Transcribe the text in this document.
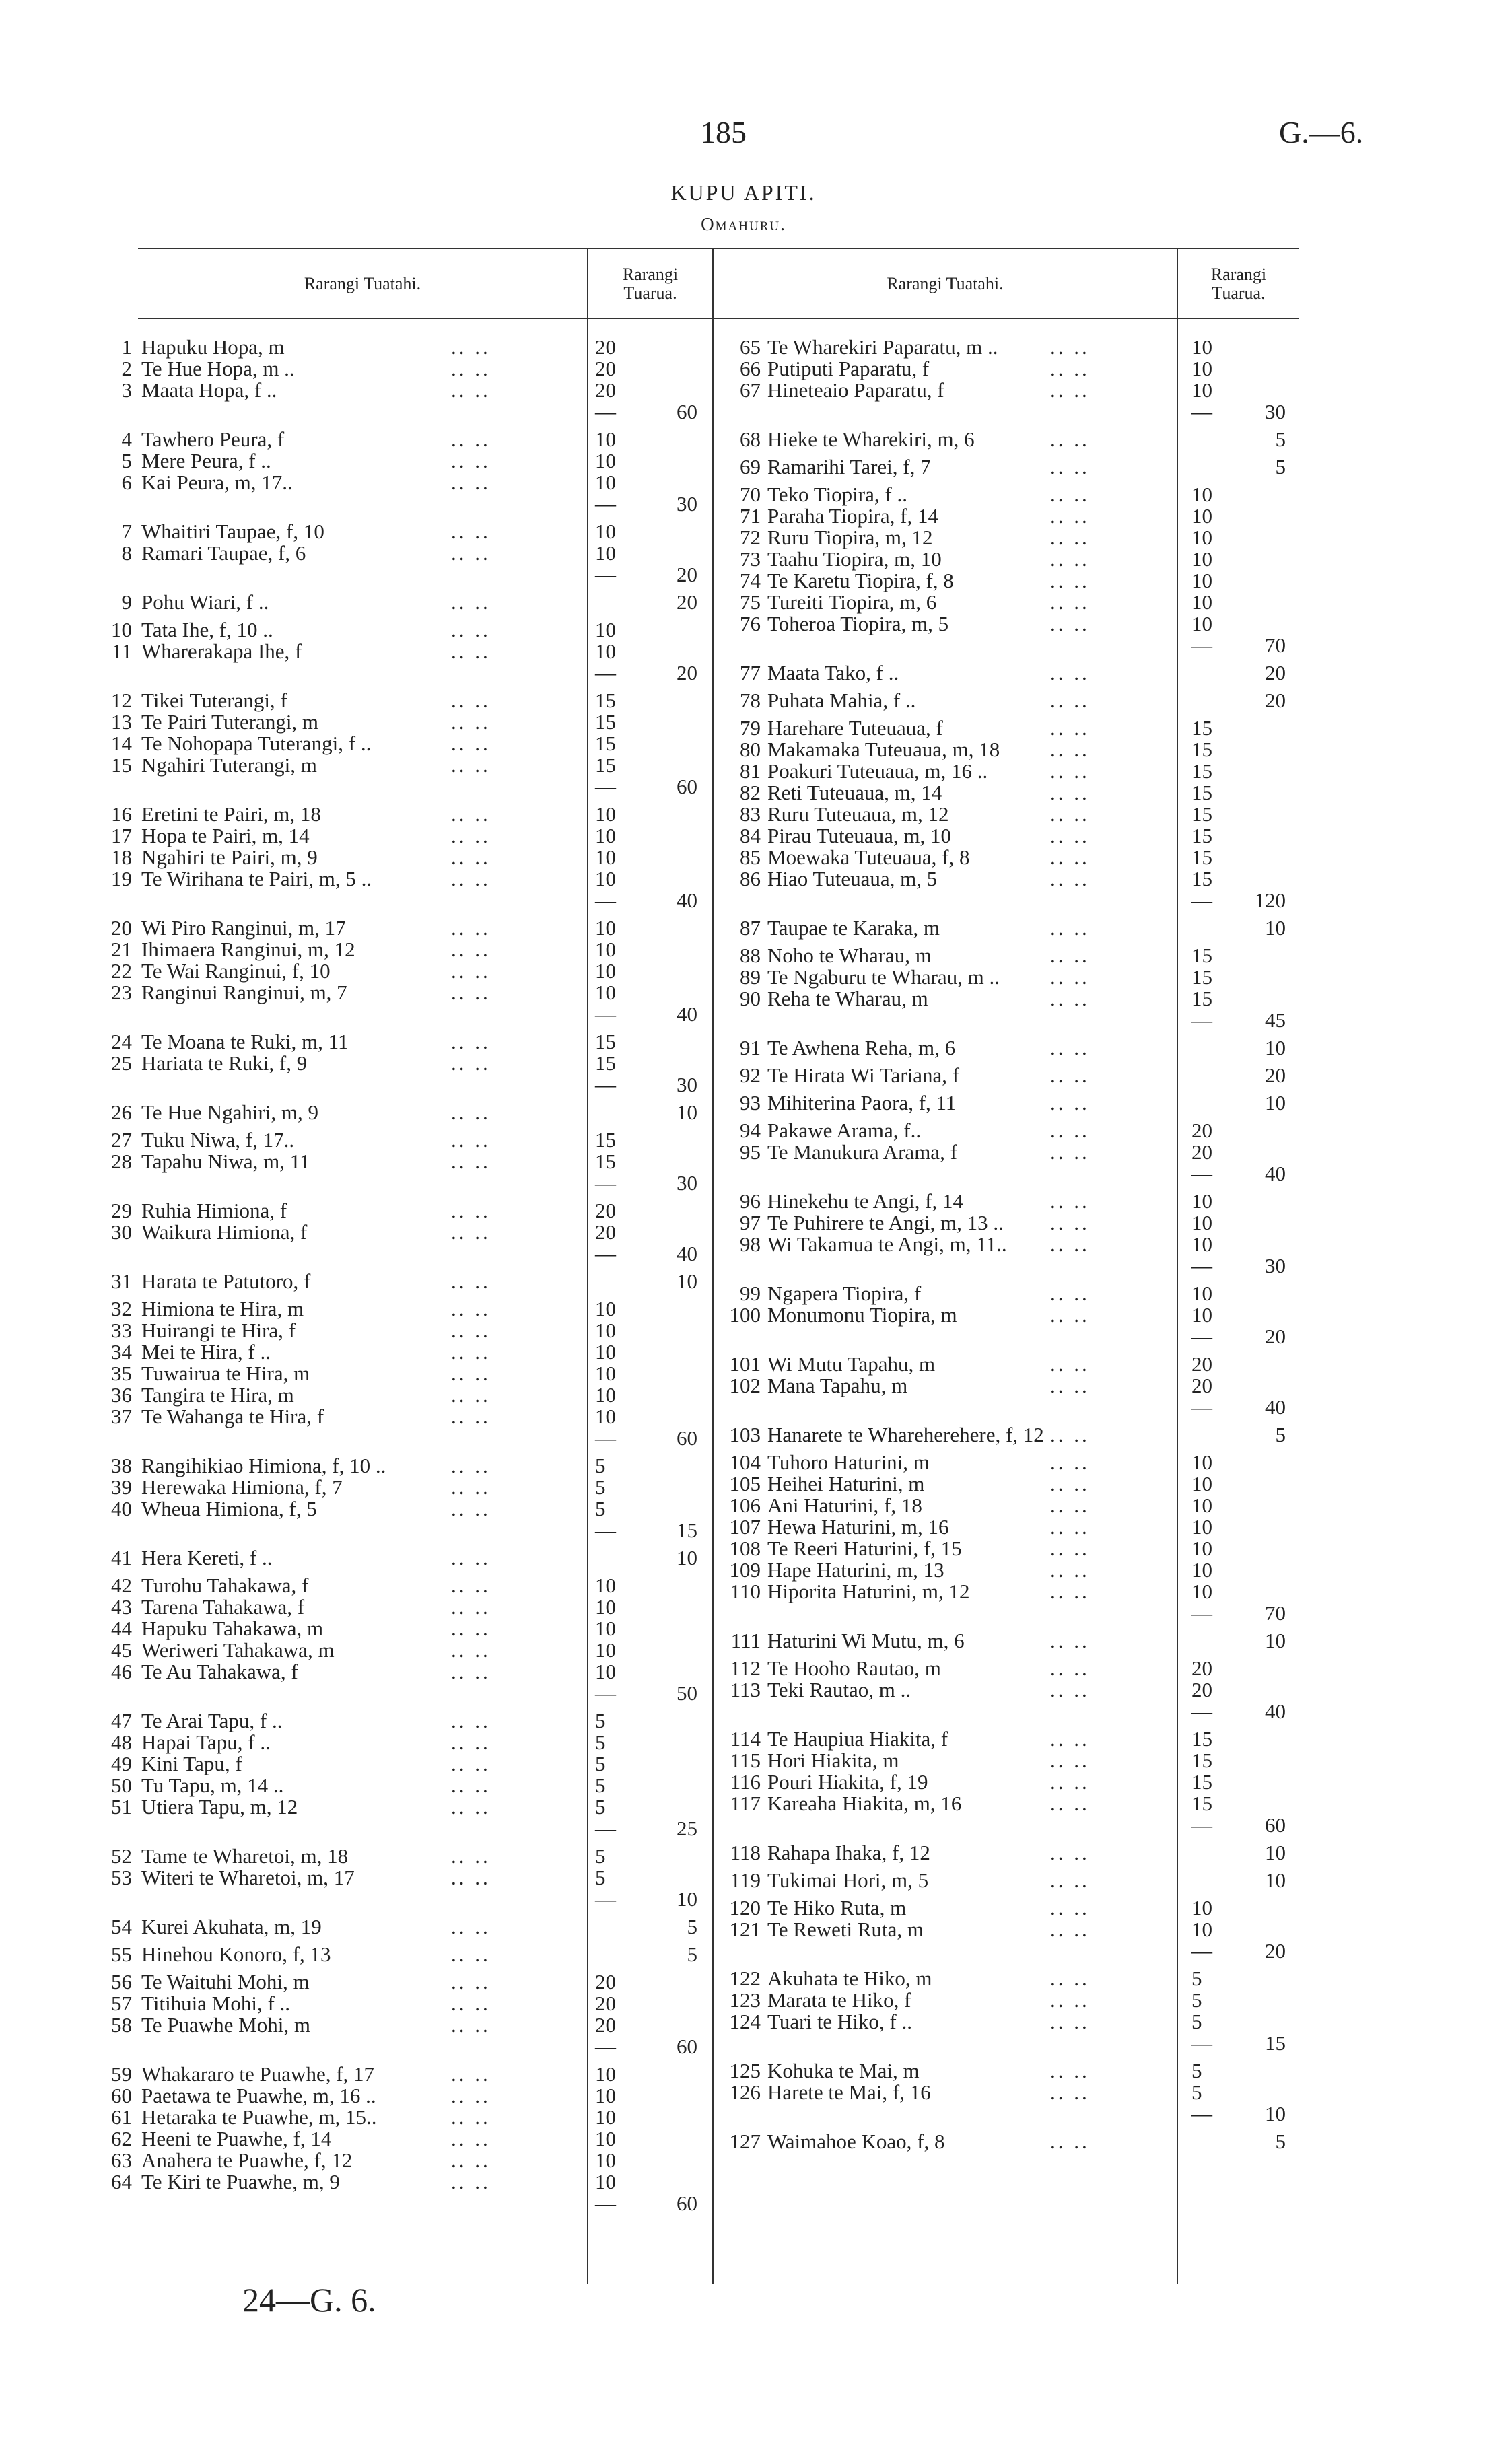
185	G.—6.
KUPU APITI.
Omahuru.
Rarangi Tuatahi.	Rarangi
Tuarua.	Rarangi Tuatahi.	Rarangi
Tuarua.
1 Hapuku Hopa, m	.. ..	20
2 Te Hue Hopa, m ..	.. ..	20
3 Maata Hopa, f ..	.. ..	20
—	60
4 Tawhero Peura, f	.. ..	10
5 Mere Peura, f ..	.. ..	10
6 Kai Peura, m, 17..	.. ..	10
—	30
7 Whaitiri Taupae, f, 10	.. ..	10
8 Ramari Taupae, f, 6	.. ..	10
—	20
9 Pohu Wiari, f ..	.. ..	20
10 Tata Ihe, f, 10 ..	.. ..	10
11 Wharerakapa Ihe, f	.. ..	10
—	20
12 Tikei Tuterangi, f	.. ..	15
13 Te Pairi Tuterangi, m	.. ..	15
14 Te Nohopapa Tuterangi, f ..	.. ..	15
15 Ngahiri Tuterangi, m	.. ..	15
—	60
16 Eretini te Pairi, m, 18	.. ..	10
17 Hopa te Pairi, m, 14	.. ..	10
18 Ngahiri te Pairi, m, 9	.. ..	10
19 Te Wirihana te Pairi, m, 5 ..	.. ..	10
—	40
20 Wi Piro Ranginui, m, 17	.. ..	10
21 Ihimaera Ranginui, m, 12	.. ..	10
22 Te Wai Ranginui, f, 10	.. ..	10
23 Ranginui Ranginui, m, 7	.. ..	10
—	40
24 Te Moana te Ruki, m, 11	.. ..	15
25 Hariata te Ruki, f, 9	.. ..	15
—	30
26 Te Hue Ngahiri, m, 9	.. ..	10
27 Tuku Niwa, f, 17..	.. ..	15
28 Tapahu Niwa, m, 11	.. ..	15
—	30
29 Ruhia Himiona, f	.. ..	20
30 Waikura Himiona, f	.. ..	20
—	40
31 Harata te Patutoro, f	.. ..	10
32 Himiona te Hira, m	.. ..	10
33 Huirangi te Hira, f	.. ..	10
34 Mei te Hira, f ..	.. ..	10
35 Tuwairua te Hira, m	.. ..	10
36 Tangira te Hira, m	.. ..	10
37 Te Wahanga te Hira, f	.. ..	10
—	60
38 Rangihikiao Himiona, f, 10 ..	.. ..	5
39 Herewaka Himiona, f, 7	.. ..	5
40 Wheua Himiona, f, 5	.. ..	5
—	15
41 Hera Kereti, f ..	.. ..	10
42 Turohu Tahakawa, f	.. ..	10
43 Tarena Tahakawa, f	.. ..	10
44 Hapuku Tahakawa, m	.. ..	10
45 Weriweri Tahakawa, m	.. ..	10
46 Te Au Tahakawa, f	.. ..	10
—	50
47 Te Arai Tapu, f ..	.. ..	5
48 Hapai Tapu, f ..	.. ..	5
49 Kini Tapu, f	.. ..	5
50 Tu Tapu, m, 14 ..	.. ..	5
51 Utiera Tapu, m, 12	.. ..	5
—	25
52 Tame te Wharetoi, m, 18	.. ..	5
53 Witeri te Wharetoi, m, 17	.. ..	5
—	10
54 Kurei Akuhata, m, 19	.. ..	5
55 Hinehou Konoro, f, 13	.. ..	5
56 Te Waituhi Mohi, m	.. ..	20
57 Titihuia Mohi, f ..	.. ..	20
58 Te Puawhe Mohi, m	.. ..	20
—	60
59 Whakararo te Puawhe, f, 17	.. ..	10
60 Paetawa te Puawhe, m, 16 ..	.. ..	10
61 Hetaraka te Puawhe, m, 15..	.. ..	10
62 Heeni te Puawhe, f, 14	.. ..	10
63 Anahera te Puawhe, f, 12	.. ..	10
64 Te Kiri te Puawhe, m, 9	.. ..	10
—	60
65 Te Wharekiri Paparatu, m ..	.. ..	10
66 Putiputi Paparatu, f	.. ..	10
67 Hineteaio Paparatu, f	.. ..	10
—	30
68 Hieke te Wharekiri, m, 6	.. ..	5
69 Ramarihi Tarei, f, 7	.. ..	5
70 Teko Tiopira, f ..	.. ..	10
71 Paraha Tiopira, f, 14	.. ..	10
72 Ruru Tiopira, m, 12	.. ..	10
73 Taahu Tiopira, m, 10	.. ..	10
74 Te Karetu Tiopira, f, 8	.. ..	10
75 Tureiti Tiopira, m, 6	.. ..	10
76 Toheroa Tiopira, m, 5	.. ..	10
—	70
77 Maata Tako, f ..	.. ..	20
78 Puhata Mahia, f ..	.. ..	20
79 Harehare Tuteuaua, f	.. ..	15
80 Makamaka Tuteuaua, m, 18 .. ..	15
81 Poakuri Tuteuaua, m, 16 ..	.. ..	15
82 Reti Tuteuaua, m, 14	.. ..	15
83 Ruru Tuteuaua, m, 12	.. ..	15
84 Pirau Tuteuaua, m, 10	.. ..	15
85 Moewaka Tuteuaua, f, 8	.. ..	15
86 Hiao Tuteuaua, m, 5	.. ..	15
—	120
87 Taupae te Karaka, m	.. ..	10
88 Noho te Wharau, m	.. ..	15
89 Te Ngaburu te Wharau, m .. .. ..	15
90 Reha te Wharau, m	.. ..	15
—	45
91 Te Awhena Reha, m, 6	.. ..	10
92 Te Hirata Wi Tariana, f	.. ..	20
93 Mihiterina Paora, f, 11	.. ..	10
94 Pakawe Arama, f..	.. ..	20
95 Te Manukura Arama, f	.. ..	20
—	40
96 Hinekehu te Angi, f, 14	.. ..	10
97 Te Puhirere te Angi, m, 13 .. .. ..	10
98 Wi Takamua te Angi, m, 11.. .. ..	10
—	30
99 Ngapera Tiopira, f	.. ..	10
100 Monumonu Tiopira, m	.. ..	10
—	20
101 Wi Mutu Tapahu, m	.. ..	20
102 Mana Tapahu, m	.. ..	20
—	40
103 Hanarete te Wharehereherе, f, 12 .. ..	5
104 Tuhoro Haturini, m	.. ..	10
105 Heihei Haturini, m	.. ..	10
106 Ani Haturini, f, 18	.. ..	10
107 Hewa Haturini, m, 16	.. ..	10
108 Te Reeri Haturini, f, 15	.. ..	10
109 Hape Haturini, m, 13	.. ..	10
110 Hiporita Haturini, m, 12	.. ..	10
—	70
111 Haturini Wi Mutu, m, 6	.. ..	10
112 Te Hooho Rautao, m	.. ..	20
113 Teki Rautao, m ..	.. ..	20
—	40
114 Te Haupiua Hiakita, f	.. ..	15
115 Hori Hiakita, m	.. ..	15
116 Pouri Hiakita, f, 19	.. ..	15
117 Kareaha Hiakita, m, 16	.. ..	15
—	60
118 Rahapa Ihaka, f, 12	.. ..	10
119 Tukimai Hori, m, 5	.. ..	10
120 Te Hiko Ruta, m	.. ..	10
121 Te Reweti Ruta, m	.. ..	10
—	20
122 Akuhata te Hiko, m	.. ..	5
123 Marata te Hiko, f	.. ..	5
124 Tuari te Hiko, f ..	.. ..	5
—	15
125 Kohuka te Mai, m	.. ..	5
126 Harete te Mai, f, 16	.. ..	5
—	10
127 Waimahoe Koao, f, 8	.. ..	5
24—G. 6.
